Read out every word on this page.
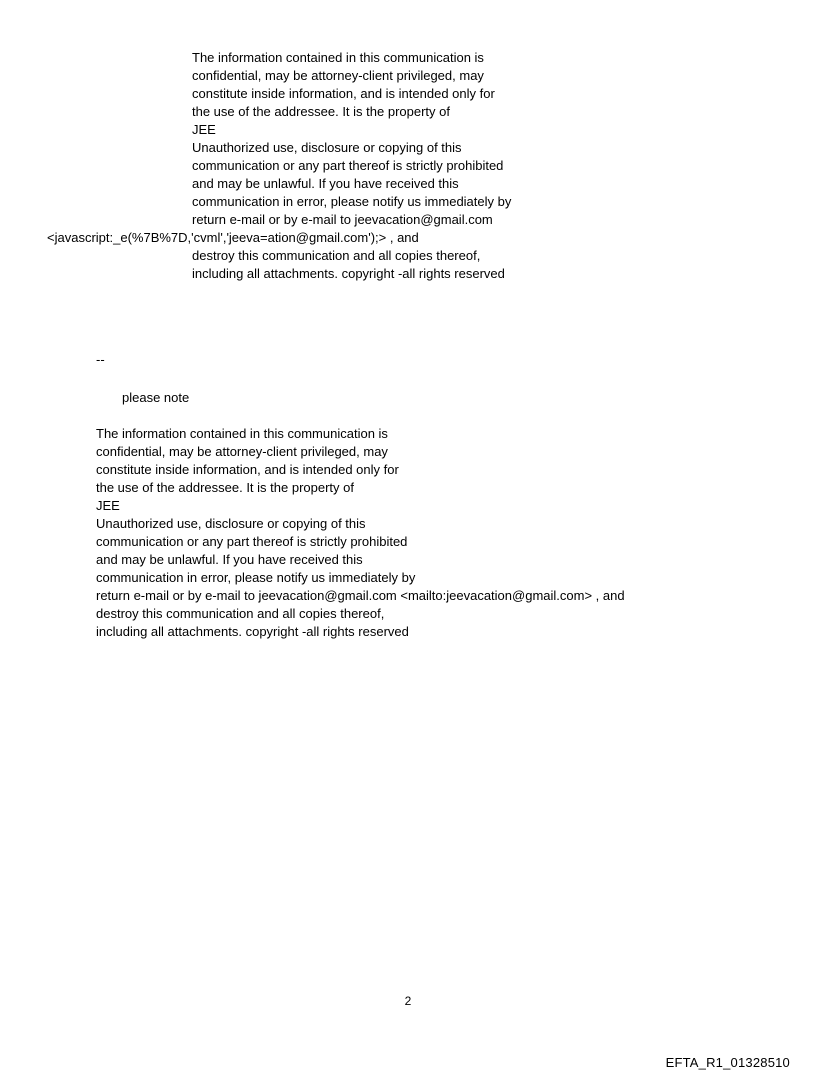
The information contained in this communication is
confidential, may be attorney-client privileged, may
constitute inside information, and is intended only for
the use of the addressee. It is the property of
JEE
Unauthorized use, disclosure or copying of this
communication or any part thereof is strictly prohibited
and may be unlawful. If you have received this
communication in error, please notify us immediately by
return e-mail or by e-mail to jeevacation@gmail.com
<javascript:_e(%7B%7D,'cvml','jeeva=ation@gmail.com');> , and
destroy this communication and all copies thereof,
including all attachments. copyright -all rights reserved
--
please note
The information contained in this communication is
confidential, may be attorney-client privileged, may
constitute inside information, and is intended only for
the use of the addressee. It is the property of
JEE
Unauthorized use, disclosure or copying of this
communication or any part thereof is strictly prohibited
and may be unlawful. If you have received this
communication in error, please notify us immediately by
return e-mail or by e-mail to jeevacation@gmail.com <mailto:jeevacation@gmail.com> , and
destroy this communication and all copies thereof,
including all attachments. copyright -all rights reserved
2
EFTA_R1_01328510
